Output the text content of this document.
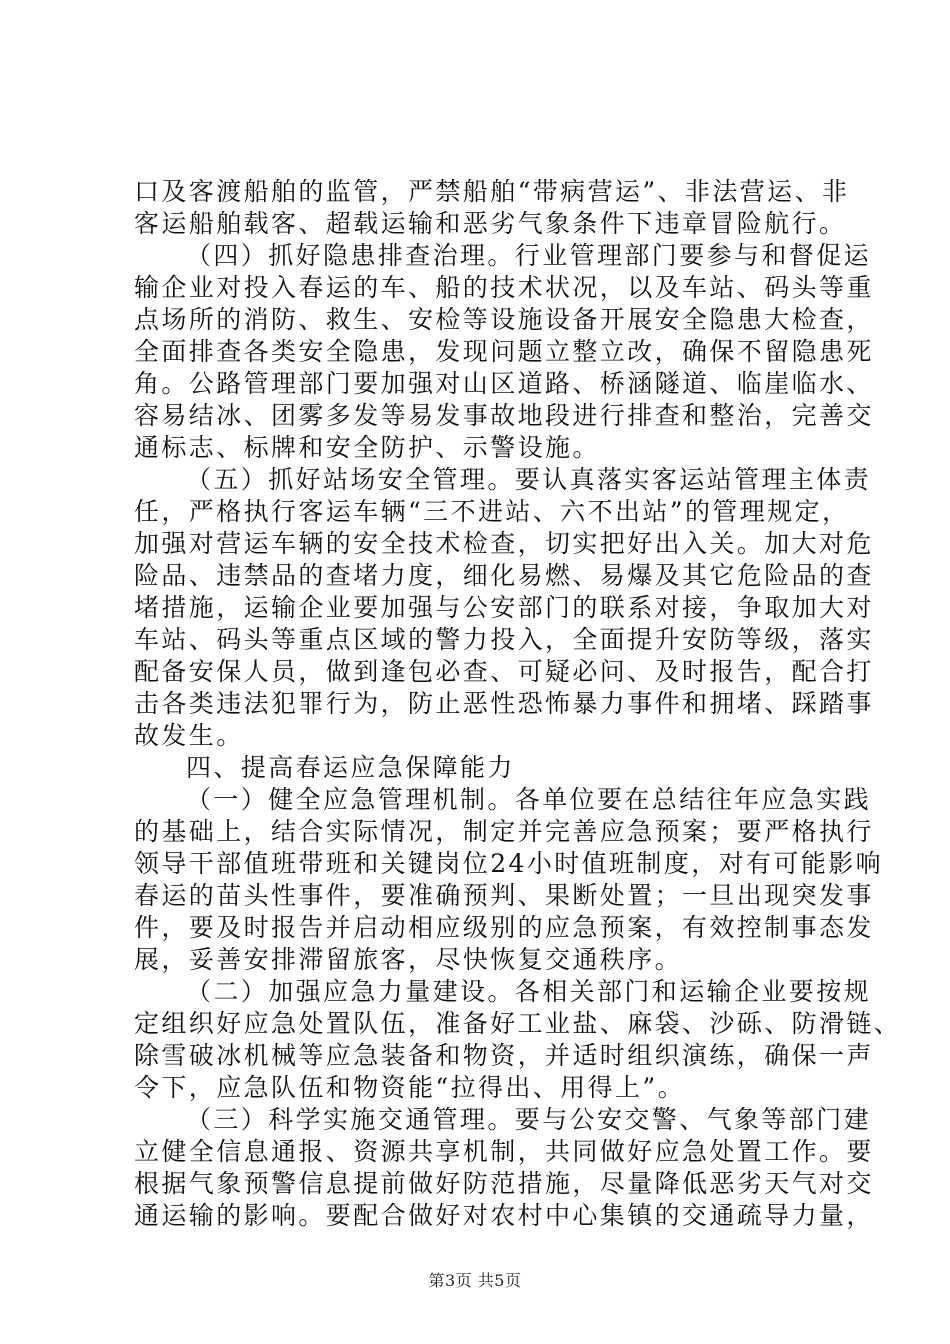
口及客渡船舶的监管，严禁船舶“带病营运”、非法营运、非
客运船舶载客、超载运输和恶劣气象条件下违章冒险航行。
（四）抓好隐患排查治理。行业管理部门要参与和督促运
输企业对投入春运的车、船的技术状况，以及车站、码头等重
点场所的消防、救生、安检等设施设备开展安全隐患大检查，
全面排查各类安全隐患，发现问题立整立改，确保不留隐患死
角。公路管理部门要加强对山区道路、桥涵隧道、临崖临水、
容易结冰、团雾多发等易发事故地段进行排查和整治，完善交
通标志、标牌和安全防护、示警设施。
（五）抓好站场安全管理。要认真落实客运站管理主体责
任，严格执行客运车辆“三不进站、六不出站”的管理规定，
加强对营运车辆的安全技术检查，切实把好出入关。加大对危
险品、违禁品的查堵力度，细化易燃、易爆及其它危险品的查
堵措施，运输企业要加强与公安部门的联系对接，争取加大对
车站、码头等重点区域的警力投入，全面提升安防等级，落实
配备安保人员，做到逢包必查、可疑必问、及时报告，配合打
击各类违法犯罪行为，防止恶性恐怖暴力事件和拥堵、踩踏事
故发生。
四、提高春运应急保障能力
（一）健全应急管理机制。各单位要在总结往年应急实践
的基础上，结合实际情况，制定并完善应急预案；要严格执行
领导干部值班带班和关键岗位24小时值班制度，对有可能影响
春运的苗头性事件，要准确预判、果断处置；一旦出现突发事
件，要及时报告并启动相应级别的应急预案，有效控制事态发
展，妥善安排滞留旅客，尽快恢复交通秩序。
（二）加强应急力量建设。各相关部门和运输企业要按规
定组织好应急处置队伍，准备好工业盐、麻袋、沙砾、防滑链、
除雪破冰机械等应急装备和物资，并适时组织演练，确保一声
令下，应急队伍和物资能“拉得出、用得上”。
（三）科学实施交通管理。要与公安交警、气象等部门建
立健全信息通报、资源共享机制，共同做好应急处置工作。要
根据气象预警信息提前做好防范措施，尽量降低恶劣天气对交
通运输的影响。要配合做好对农村中心集镇的交通疏导力量，
第3页 共5页
